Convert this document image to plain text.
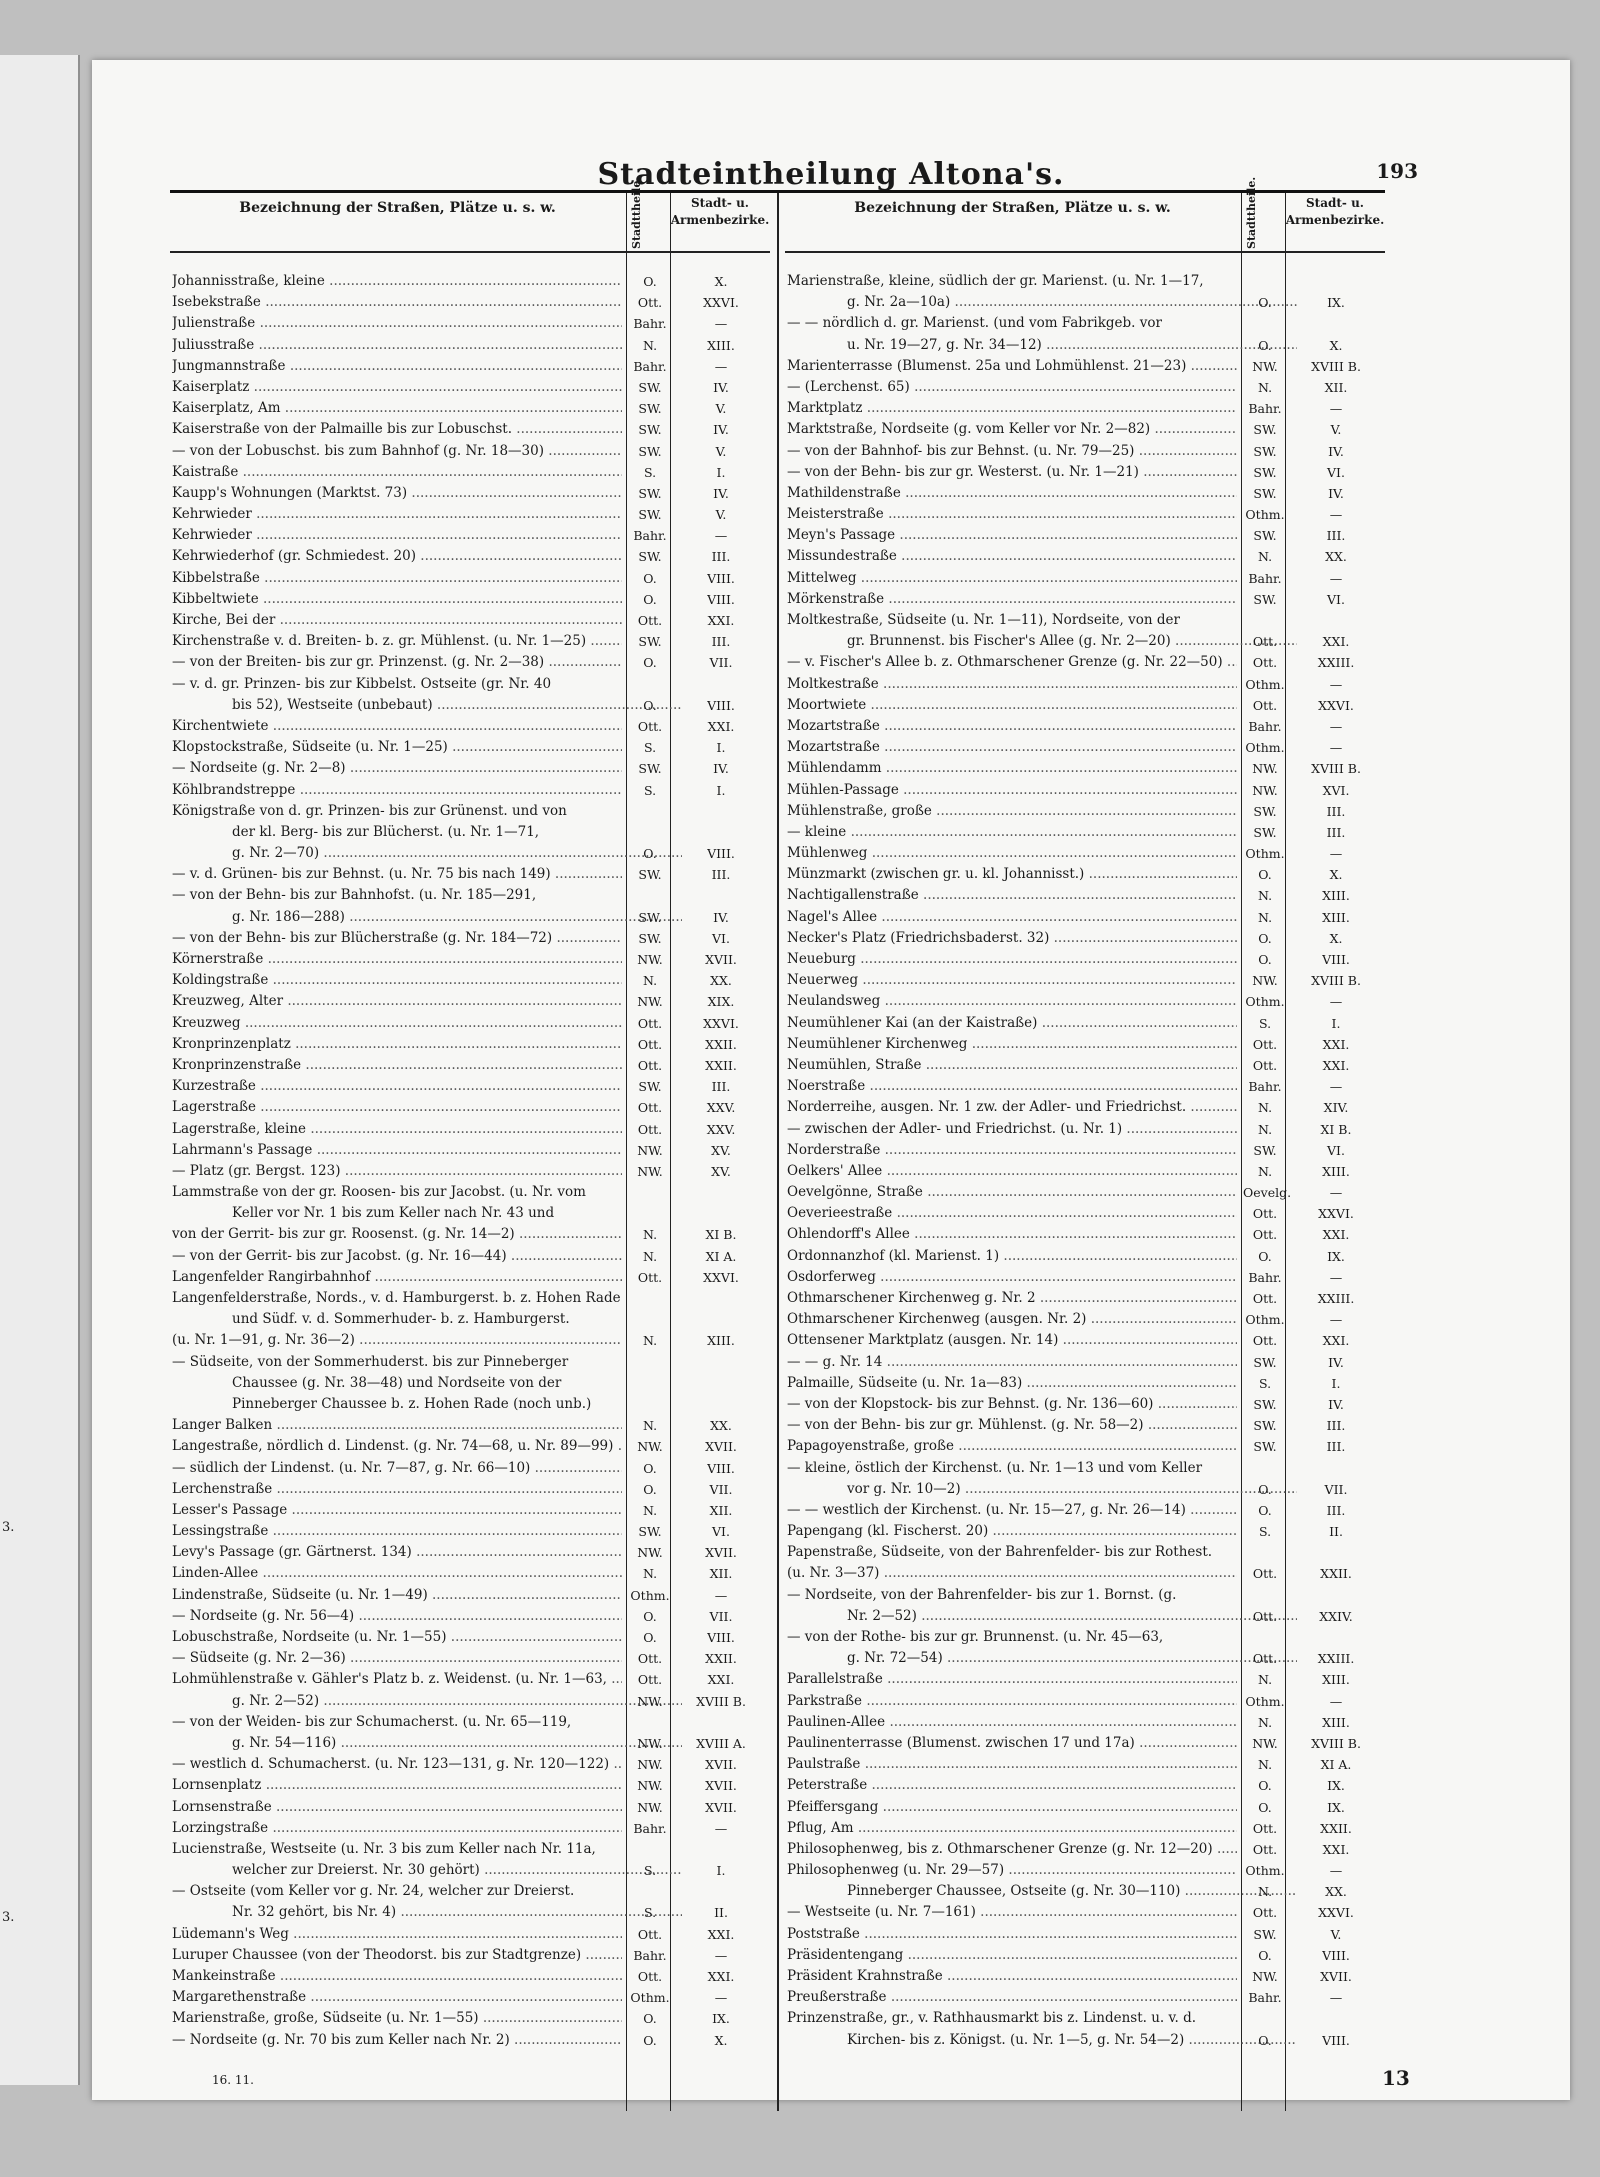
3.
3.
Stadteintheilung Altona's.	193
Bezeichnung der Straßen, Plätze u. s. w.	Stadttheile.	Stadt- u. Armenbezirke.
Johannisstraße, kleine .....	O.	X.
Isebekstraße .....	Ott.	XXVI.
Julienstraße .....	Bahr.	—
Juliusstraße .....	N.	XIII.
Jungmannstraße .....	Bahr.	—
Kaiserplatz .....	SW.	IV.
Kaiserplatz, Am .....	SW.	V.
Kaiserstraße von der Palmaille bis zur Lobuschst. .....	SW.	IV.
— von der Lobuschst. bis zum Bahnhof (g. Nr. 18—30) .....	SW.	V.
Kaistraße .....	S.	I.
Kaupp's Wohnungen (Marktst. 73) .....	SW.	IV.
Kehrwieder .....	SW.	V.
Kehrwieder .....	Bahr.	—
Kehrwiederhof (gr. Schmiedest. 20) .....	SW.	III.
Kibbelstraße .....	O.	VIII.
Kibbeltwiete .....	O.	VIII.
Kirche, Bei der .....	Ott.	XXI.
Kirchenstraße v. d. Breiten- b. z. gr. Mühlenst. (u. Nr. 1—25) .....	SW.	III.
— von der Breiten- bis zur gr. Prinzenst. (g. Nr. 2—38) .....	O.	VII.
— v. d. gr. Prinzen- bis zur Kibbelst. Ostseite (gr. Nr. 40
bis 52), Westseite (unbebaut) .....	O.	VIII.
Kirchentwiete .....	Ott.	XXI.
Klopstockstraße, Südseite (u. Nr. 1—25) .....	S.	I.
— Nordseite (g. Nr. 2—8) .....	SW.	IV.
Köhlbrandstreppe .....	S.	I.
Königstraße von d. gr. Prinzen- bis zur Grünenst. und von
der kl. Berg- bis zur Blücherst. (u. Nr. 1—71,
g. Nr. 2—70) .....	O.	VIII.
— v. d. Grünen- bis zur Behnst. (u. Nr. 75 bis nach 149) .....	SW.	III.
— von der Behn- bis zur Bahnhofst. (u. Nr. 185—291,
g. Nr. 186—288) .....	SW.	IV.
— von der Behn- bis zur Blücherstraße (g. Nr. 184—72) .....	SW.	VI.
Körnerstraße .....	NW.	XVII.
Koldingstraße .....	N.	XX.
Kreuzweg, Alter .....	NW.	XIX.
Kreuzweg .....	Ott.	XXVI.
Kronprinzenplatz .....	Ott.	XXII.
Kronprinzenstraße .....	Ott.	XXII.
Kurzestraße .....	SW.	III.
Lagerstraße .....	Ott.	XXV.
Lagerstraße, kleine .....	Ott.	XXV.
Lahrmann's Passage .....	NW.	XV.
— Platz (gr. Bergst. 123) .....	NW.	XV.
Lammstraße von der gr. Roosen- bis zur Jacobst. (u. Nr. vom
Keller vor Nr. 1 bis zum Keller nach Nr. 43 und
von der Gerrit- bis zur gr. Roosenst. (g. Nr. 14—2) .....	N.	XI B.
— von der Gerrit- bis zur Jacobst. (g. Nr. 16—44) .....	N.	XI A.
Langenfelder Rangirbahnhof .....	Ott.	XXVI.
Langenfelderstraße, Nords., v. d. Hamburgerst. b. z. Hohen Rade
und Südf. v. d. Sommerhuder- b. z. Hamburgerst.
(u. Nr. 1—91, g. Nr. 36—2) .....	N.	XIII.
— Südseite, von der Sommerhuderst. bis zur Pinneberger
Chaussee (g. Nr. 38—48) und Nordseite von der
Pinneberger Chaussee b. z. Hohen Rade (noch unb.)
Langer Balken .....	N.	XX.
Langestraße, nördlich d. Lindenst. (g. Nr. 74—68, u. Nr. 89—99) .....	NW.	XVII.
— südlich der Lindenst. (u. Nr. 7—87, g. Nr. 66—10) .....	O.	VIII.
Lerchenstraße .....	O.	VII.
Lesser's Passage .....	N.	XII.
Lessingstraße .....	SW.	VI.
Levy's Passage (gr. Gärtnerst. 134) .....	NW.	XVII.
Linden-Allee .....	N.	XII.
Lindenstraße, Südseite (u. Nr. 1—49) .....	Othm.	—
— Nordseite (g. Nr. 56—4) .....	O.	VII.
Lobuschstraße, Nordseite (u. Nr. 1—55) .....	O.	VIII.
— Südseite (g. Nr. 2—36) .....	Ott.	XXII.
Lohmühlenstraße v. Gähler's Platz b. z. Weidenst. (u. Nr. 1—63, .....	Ott.	XXI.
g. Nr. 2—52) .....	NW.	XVIII B.
— von der Weiden- bis zur Schumacherst. (u. Nr. 65—119,
g. Nr. 54—116) .....	NW.	XVIII A.
— westlich d. Schumacherst. (u. Nr. 123—131, g. Nr. 120—122) .....	NW.	XVII.
Lornsenplatz .....	NW.	XVII.
Lornsenstraße .....	NW.	XVII.
Lorzingstraße .....	Bahr.	—
Lucienstraße, Westseite (u. Nr. 3 bis zum Keller nach Nr. 11a,
welcher zur Dreierst. Nr. 30 gehört) .....	S.	I.
— Ostseite (vom Keller vor g. Nr. 24, welcher zur Dreierst.
Nr. 32 gehört, bis Nr. 4) .....	S.	II.
Lüdemann's Weg .....	Ott.	XXI.
Luruper Chaussee (von der Theodorst. bis zur Stadtgrenze) .....	Bahr.	—
Mankeinstraße .....	Ott.	XXI.
Margarethenstraße .....	Othm.	—
Marienstraße, große, Südseite (u. Nr. 1—55) .....	O.	IX.
— Nordseite (g. Nr. 70 bis zum Keller nach Nr. 2) .....	O.	X.
Bezeichnung der Straßen, Plätze u. s. w.	Stadttheile.	Stadt- u. Armenbezirke.
Marienstraße, kleine, südlich der gr. Marienst. (u. Nr. 1—17,
g. Nr. 2a—10a) .....	O.	IX.
— — nördlich d. gr. Marienst. (und vom Fabrikgeb. vor
u. Nr. 19—27, g. Nr. 34—12) .....	O.	X.
Marienterrasse (Blumenst. 25a und Lohmühlenst. 21—23) .....	NW.	XVIII B.
— (Lerchenst. 65) .....	N.	XII.
Marktplatz .....	Bahr.	—
Marktstraße, Nordseite (g. vom Keller vor Nr. 2—82) .....	SW.	V.
— von der Bahnhof- bis zur Behnst. (u. Nr. 79—25) .....	SW.	IV.
— von der Behn- bis zur gr. Westerst. (u. Nr. 1—21) .....	SW.	VI.
Mathildenstraße .....	SW.	IV.
Meisterstraße .....	Othm.	—
Meyn's Passage .....	SW.	III.
Missundestraße .....	N.	XX.
Mittelweg .....	Bahr.	—
Mörkenstraße .....	SW.	VI.
Moltkestraße, Südseite (u. Nr. 1—11), Nordseite, von der
gr. Brunnenst. bis Fischer's Allee (g. Nr. 2—20) .....	Ott.	XXI.
— v. Fischer's Allee b. z. Othmarschener Grenze (g. Nr. 22—50) .....	Ott.	XXIII.
Moltkestraße .....	Othm.	—
Moortwiete .....	Ott.	XXVI.
Mozartstraße .....	Bahr.	—
Mozartstraße .....	Othm.	—
Mühlendamm .....	NW.	XVIII B.
Mühlen-Passage .....	NW.	XVI.
Mühlenstraße, große .....	SW.	III.
— kleine .....	SW.	III.
Mühlenweg .....	Othm.	—
Münzmarkt (zwischen gr. u. kl. Johannisst.) .....	O.	X.
Nachtigallenstraße .....	N.	XIII.
Nagel's Allee .....	N.	XIII.
Necker's Platz (Friedrichsbaderst. 32) .....	O.	X.
Neueburg .....	O.	VIII.
Neuerweg .....	NW.	XVIII B.
Neulandsweg .....	Othm.	—
Neumühlener Kai (an der Kaistraße) .....	S.	I.
Neumühlener Kirchenweg .....	Ott.	XXI.
Neumühlen, Straße .....	Ott.	XXI.
Noerstraße .....	Bahr.	—
Norderreihe, ausgen. Nr. 1 zw. der Adler- und Friedrichst. .....	N.	XIV.
— zwischen der Adler- und Friedrichst. (u. Nr. 1) .....	N.	XI B.
Norderstraße .....	SW.	VI.
Oelkers' Allee .....	N.	XIII.
Oevelgönne, Straße .....	Oevelg.	—
Oeverieestraße .....	Ott.	XXVI.
Ohlendorff's Allee .....	Ott.	XXI.
Ordonnanzhof (kl. Marienst. 1) .....	O.	IX.
Osdorferweg .....	Bahr.	—
Othmarschener Kirchenweg g. Nr. 2 .....	Ott.	XXIII.
Othmarschener Kirchenweg (ausgen. Nr. 2) .....	Othm.	—
Ottensener Marktplatz (ausgen. Nr. 14) .....	Ott.	XXI.
— — g. Nr. 14 .....	SW.	IV.
Palmaille, Südseite (u. Nr. 1a—83) .....	S.	I.
— von der Klopstock- bis zur Behnst. (g. Nr. 136—60) .....	SW.	IV.
— von der Behn- bis zur gr. Mühlenst. (g. Nr. 58—2) .....	SW.	III.
Papagoyenstraße, große .....	SW.	III.
— kleine, östlich der Kirchenst. (u. Nr. 1—13 und vom Keller
vor g. Nr. 10—2) .....	O.	VII.
— — westlich der Kirchenst. (u. Nr. 15—27, g. Nr. 26—14) .....	O.	III.
Papengang (kl. Fischerst. 20) .....	S.	II.
Papenstraße, Südseite, von der Bahrenfelder- bis zur Rothest.
(u. Nr. 3—37) .....	Ott.	XXII.
— Nordseite, von der Bahrenfelder- bis zur 1. Bornst. (g.
Nr. 2—52) .....	Ott.	XXIV.
— von der Rothe- bis zur gr. Brunnenst. (u. Nr. 45—63,
g. Nr. 72—54) .....	Ott.	XXIII.
Parallelstraße .....	N.	XIII.
Parkstraße .....	Othm.	—
Paulinen-Allee .....	N.	XIII.
Paulinenterrasse (Blumenst. zwischen 17 und 17a) .....	NW.	XVIII B.
Paulstraße .....	N.	XI A.
Peterstraße .....	O.	IX.
Pfeiffersgang .....	O.	IX.
Pflug, Am .....	Ott.	XXII.
Philosophenweg, bis z. Othmarschener Grenze (g. Nr. 12—20) .....	Ott.	XXI.
Philosophenweg (u. Nr. 29—57) .....	Othm.	—
Pinneberger Chaussee, Ostseite (g. Nr. 30—110) .....	N.	XX.
— Westseite (u. Nr. 7—161) .....	Ott.	XXVI.
Poststraße .....	SW.	V.
Präsidentengang .....	O.	VIII.
Präsident Krahnstraße .....	NW.	XVII.
Preußerstraße .....	Bahr.	—
Prinzenstraße, gr., v. Rathhausmarkt bis z. Lindenst. u. v. d.
Kirchen- bis z. Königst. (u. Nr. 1—5, g. Nr. 54—2) .....	O.	VIII.
16. 11.	13
